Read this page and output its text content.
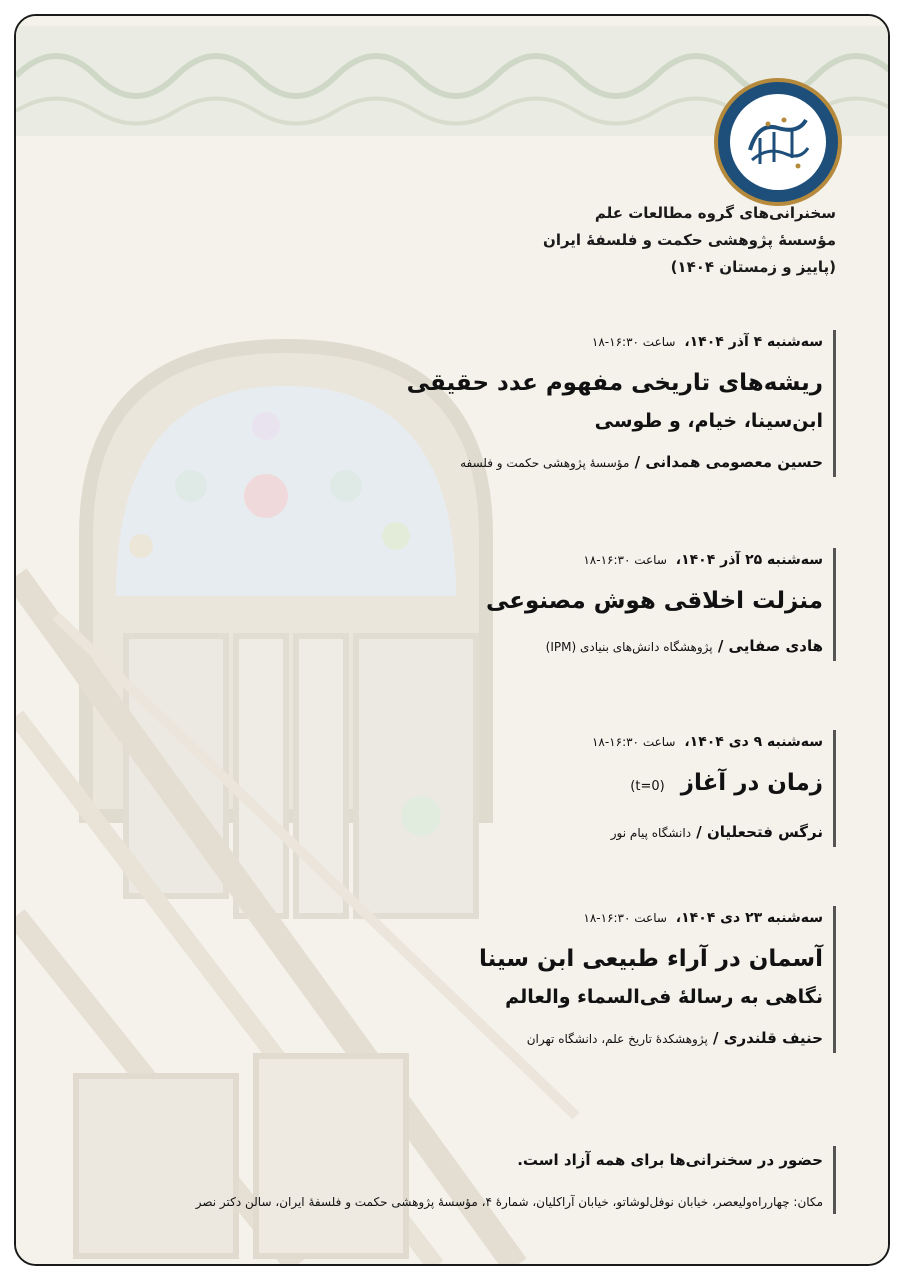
سخنرانی‌های گروه مطالعات علم
مؤسسهٔ پژوهشی حکمت و فلسفهٔ ایران
(پاییز و زمستان ۱۴۰۴)
سه‌شنبه ۴ آذر ۱۴۰۴، ساعت ۱۶:۳۰-۱۸
ریشه‌های تاریخی مفهوم عدد حقیقی
ابن‌سینا، خیام، و طوسی
حسین معصومی همدانی / مؤسسهٔ پژوهشی حکمت و فلسفه
سه‌شنبه ۲۵ آذر ۱۴۰۴، ساعت ۱۶:۳۰-۱۸
منزلت اخلاقی هوش مصنوعی
هادی صفایی / پژوهشگاه دانش‌های بنیادی (IPM)
سه‌شنبه ۹ دی ۱۴۰۴، ساعت ۱۶:۳۰-۱۸
زمان در آغاز (t=0)
نرگس فتحعلیان / دانشگاه پیام نور
سه‌شنبه ۲۳ دی ۱۴۰۴، ساعت ۱۶:۳۰-۱۸
آسمان در آراء طبیعی ابن سینا
نگاهی به رسالهٔ فی‌السماء والعالم
حنیف قلندری / پژوهشکدهٔ تاریخ علم، دانشگاه تهران
حضور در سخنرانی‌ها برای همه آزاد است.
مکان: چهارراه‌ولیعصر، خیابان نوفل‌لوشاتو، خیابان آراکلیان، شمارهٔ ۴، مؤسسهٔ پژوهشی حکمت و فلسفهٔ ایران، سالن دکتر نصر
